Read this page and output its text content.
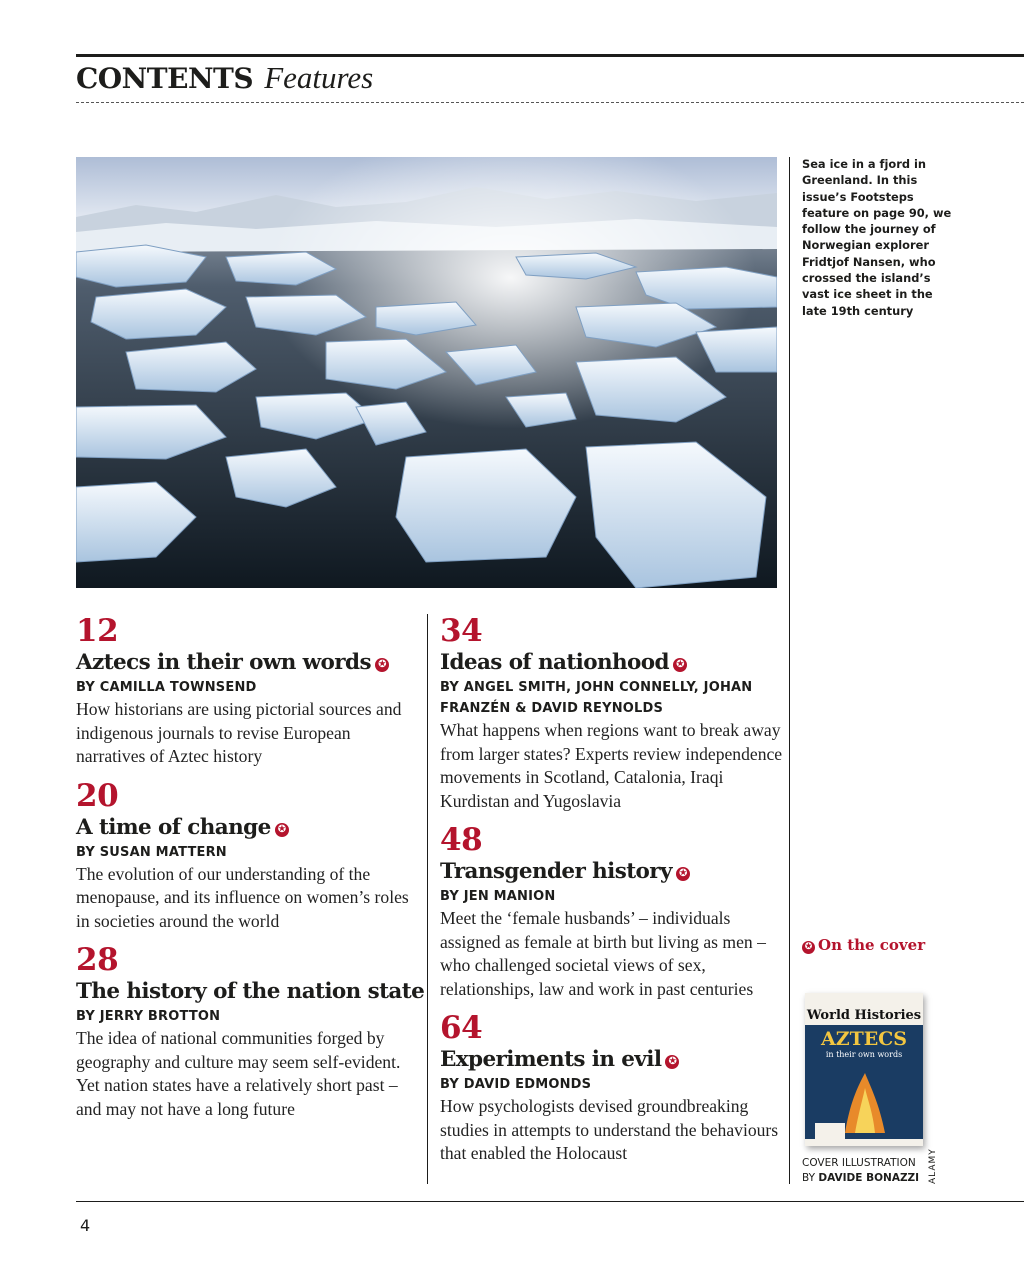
CONTENTS Features
Sea ice in a fjord in Greenland. In this issue’s Footsteps feature on page 90, we follow the journey of Norwegian explorer Fridtjof Nansen, who crossed the island’s vast ice sheet in the late 19th century
12
Aztecs in their own words ✪
BY CAMILLA TOWNSEND
How historians are using pictorial sources and indigenous journals to revise European narratives of Aztec history
20
A time of change ✪
BY SUSAN MATTERN
The evolution of our understanding of the menopause, and its influence on women’s roles in societies around the world
28
The history of the nation state
BY JERRY BROTTON
The idea of national communities forged by geography and culture may seem self-evident. Yet nation states have a relatively short past – and may not have a long future
34
Ideas of nationhood ✪
BY ANGEL SMITH, JOHN CONNELLY, JOHAN FRANZÉN & DAVID REYNOLDS
What happens when regions want to break away from larger states? Experts review independence movements in Scotland, Catalonia, Iraqi Kurdistan and Yugoslavia
48
Transgender history ✪
BY JEN MANION
Meet the ‘female husbands’ – individuals assigned as female at birth but living as men – who challenged societal views of sex, relationships, law and work in past centuries
64
Experiments in evil ✪
BY DAVID EDMONDS
How psychologists devised groundbreaking studies in attempts to understand the behaviours that enabled the Holocaust
✪ On the cover
World Histories
AZTECS
in their own words
COVER ILLUSTRATION
BY DAVIDE BONAZZI ALAMY
4
